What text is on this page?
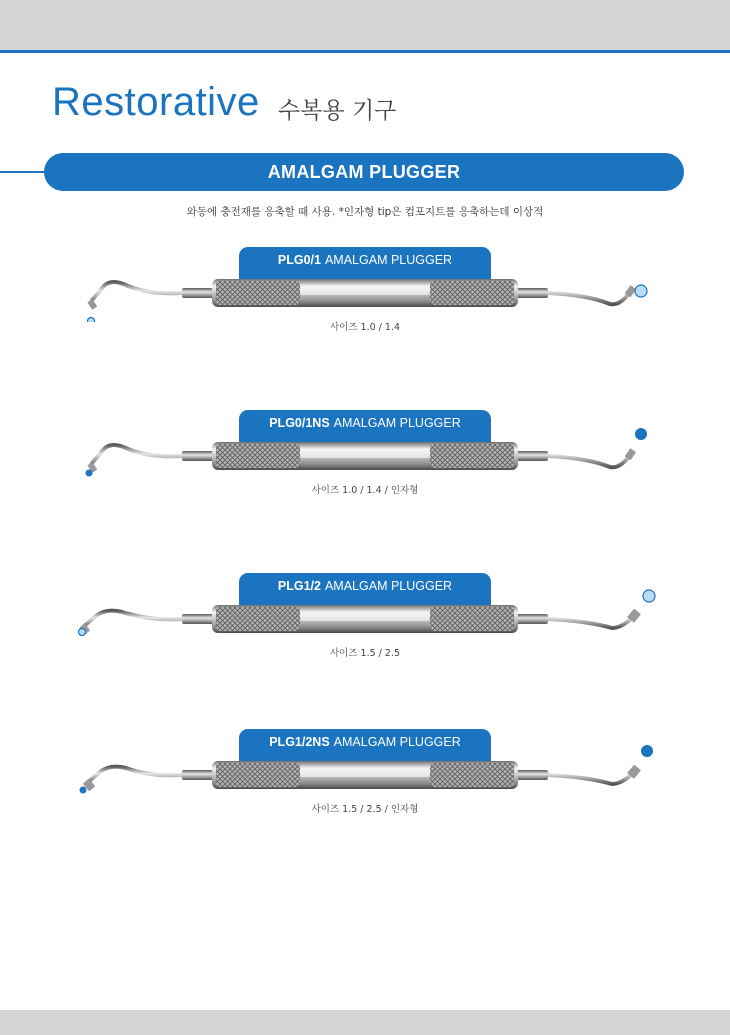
Restorative 수복용 기구
AMALGAM PLUGGER
와동에 충전재를 응축할 때 사용. *인자형 tip은 컴포지트를 응축하는데 이상적
PLG0/1 AMALGAM PLUGGER
사이즈 1.0 / 1.4
PLG0/1NS AMALGAM PLUGGER
사이즈 1.0 / 1.4 / 인자형
PLG1/2 AMALGAM PLUGGER
사이즈 1.5 / 2.5
PLG1/2NS AMALGAM PLUGGER
사이즈 1.5 / 2.5 / 인자형
